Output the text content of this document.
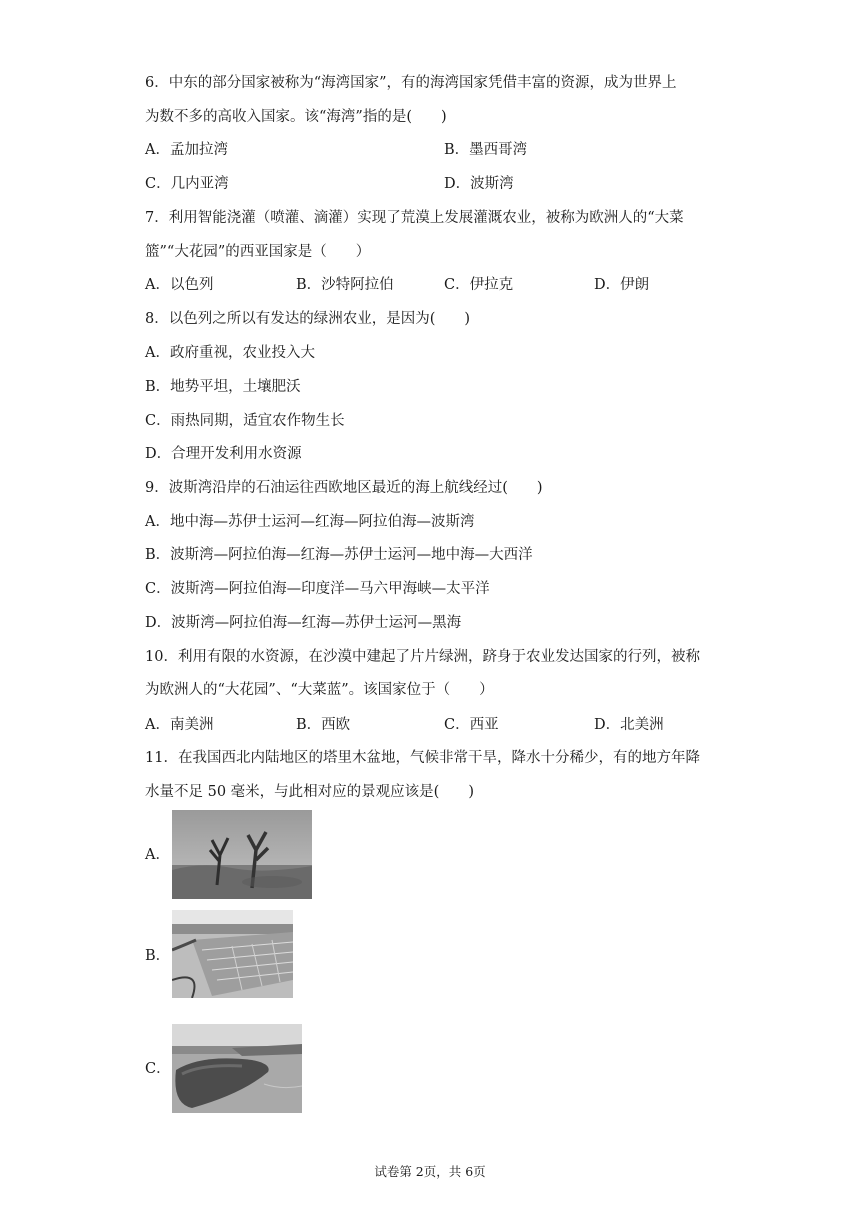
6．中东的部分国家被称为“海湾国家”，有的海湾国家凭借丰富的资源，成为世界上
为数不多的高收入国家。该“海湾”指的是(　　)
A．孟加拉湾	B．墨西哥湾
C．几内亚湾	D．波斯湾
7．利用智能浇灌（喷灌、滴灌）实现了荒漠上发展灌溉农业，被称为欧洲人的“大菜
篮”“大花园”的西亚国家是（　　）
A．以色列	B．沙特阿拉伯	C．伊拉克	D．伊朗
8．以色列之所以有发达的绿洲农业，是因为(　　)
A．政府重视，农业投入大
B．地势平坦，土壤肥沃
C．雨热同期，适宜农作物生长
D．合理开发利用水资源
9．波斯湾沿岸的石油运往西欧地区最近的海上航线经过(　　)
A．地中海—苏伊士运河—红海—阿拉伯海—波斯湾
B．波斯湾—阿拉伯海—红海—苏伊士运河—地中海—大西洋
C．波斯湾—阿拉伯海—印度洋—马六甲海峡—太平洋
D．波斯湾—阿拉伯海—红海—苏伊士运河—黑海
10．利用有限的水资源，在沙漠中建起了片片绿洲，跻身于农业发达国家的行列，被称
为欧洲人的“大花园”、“大菜蓝”。该国家位于（　　）
A．南美洲	B．西欧	C．西亚	D．北美洲
11．在我国西北内陆地区的塔里木盆地，气候非常干旱，降水十分稀少，有的地方年降
水量不足 50 毫米，与此相对应的景观应该是(　　)
A．
B．
C．
试卷第 2页，共 6页
